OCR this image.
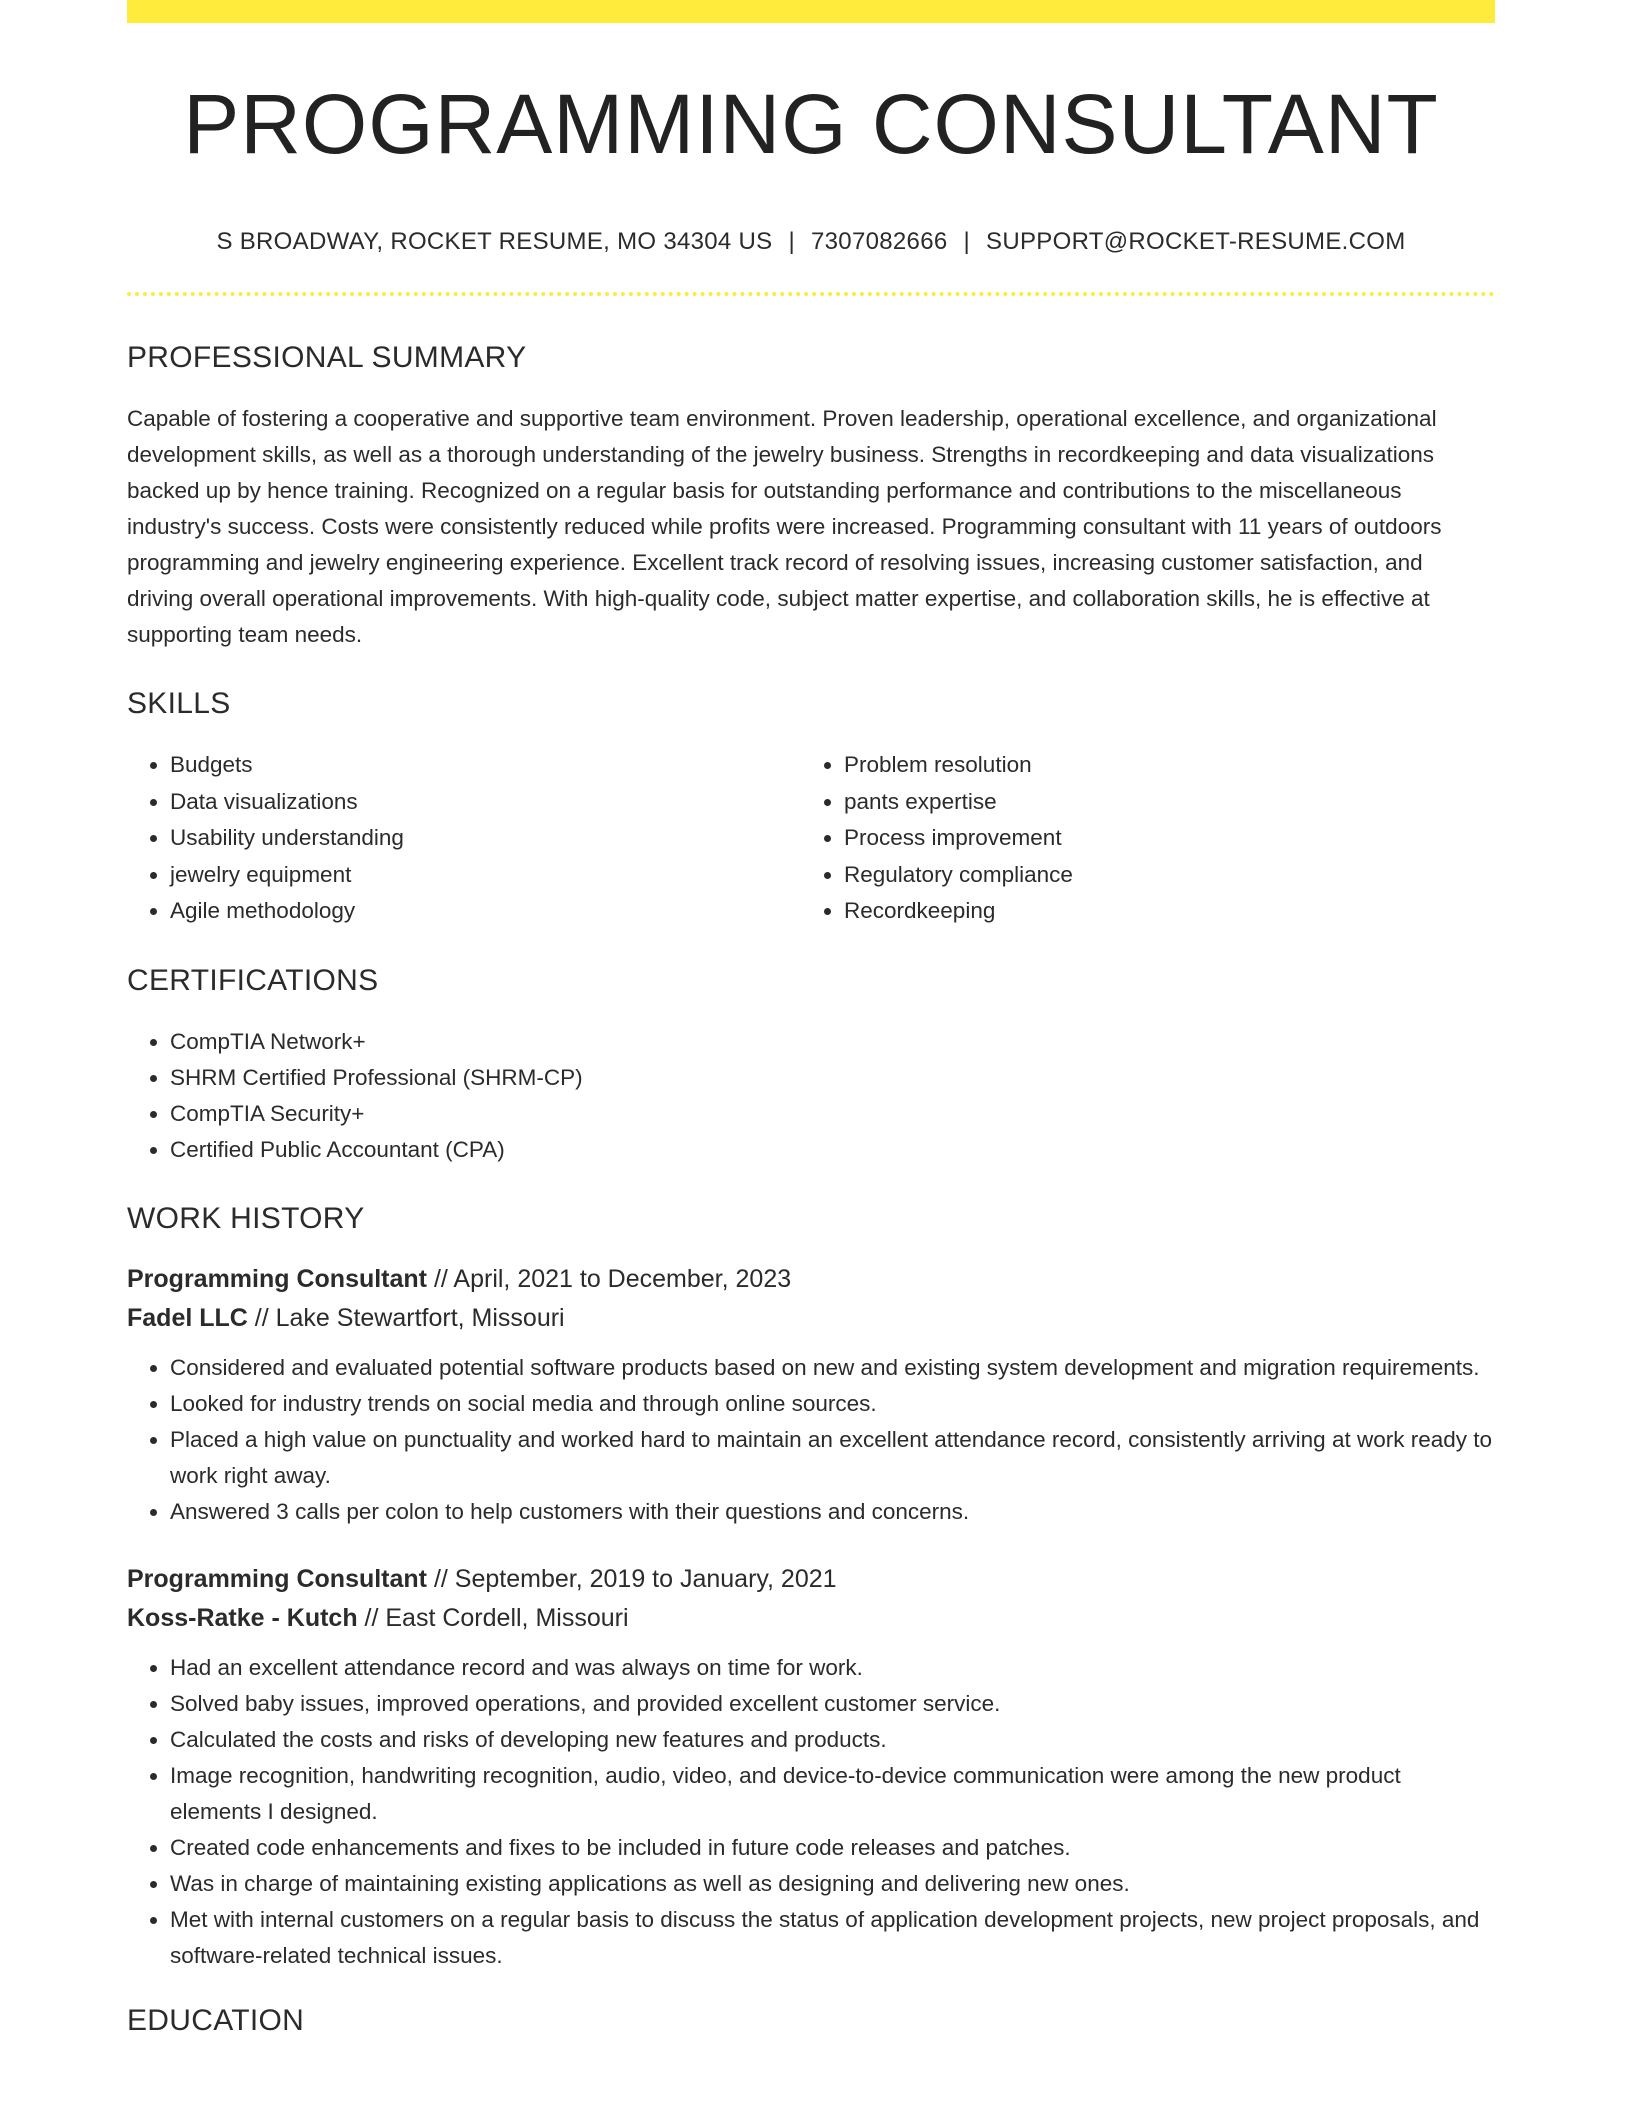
PROGRAMMING CONSULTANT
S BROADWAY, ROCKET RESUME, MO 34304 US | 7307082666 | SUPPORT@ROCKET-RESUME.COM
PROFESSIONAL SUMMARY

Capable of fostering a cooperative and supportive team environment. Proven leadership, operational excellence, and organizational development skills, as well as a thorough understanding of the jewelry business. Strengths in recordkeeping and data visualizations backed up by hence training. Recognized on a regular basis for outstanding performance and contributions to the miscellaneous industry's success. Costs were consistently reduced while profits were increased. Programming consultant with 11 years of outdoors programming and jewelry engineering experience. Excellent track record of resolving issues, increasing customer satisfaction, and driving overall operational improvements. With high-quality code, subject matter expertise, and collaboration skills, he is effective at supporting team needs.

SKILLS
• Budgets
• Data visualizations
• Usability understanding
• jewelry equipment
• Agile methodology
• Problem resolution
• pants expertise
• Process improvement
• Regulatory compliance
• Recordkeeping
CERTIFICATIONS
• CompTIA Network+
• SHRM Certified Professional (SHRM-CP)
• CompTIA Security+
• Certified Public Accountant (CPA)
WORK HISTORY
Programming Consultant // April, 2021 to December, 2023
Fadel LLC // Lake Stewartfort, Missouri
• Considered and evaluated potential software products based on new and existing system development and migration requirements.
• Looked for industry trends on social media and through online sources.
• Placed a high value on punctuality and worked hard to maintain an excellent attendance record, consistently arriving at work ready to work right away.
• Answered 3 calls per colon to help customers with their questions and concerns.
Programming Consultant // September, 2019 to January, 2021
Koss-Ratke - Kutch // East Cordell, Missouri
• Had an excellent attendance record and was always on time for work.
• Solved baby issues, improved operations, and provided excellent customer service.
• Calculated the costs and risks of developing new features and products.
• Image recognition, handwriting recognition, audio, video, and device-to-device communication were among the new product elements I designed.
• Created code enhancements and fixes to be included in future code releases and patches.
• Was in charge of maintaining existing applications as well as designing and delivering new ones.
• Met with internal customers on a regular basis to discuss the status of application development projects, new project proposals, and software-related technical issues.
EDUCATION
